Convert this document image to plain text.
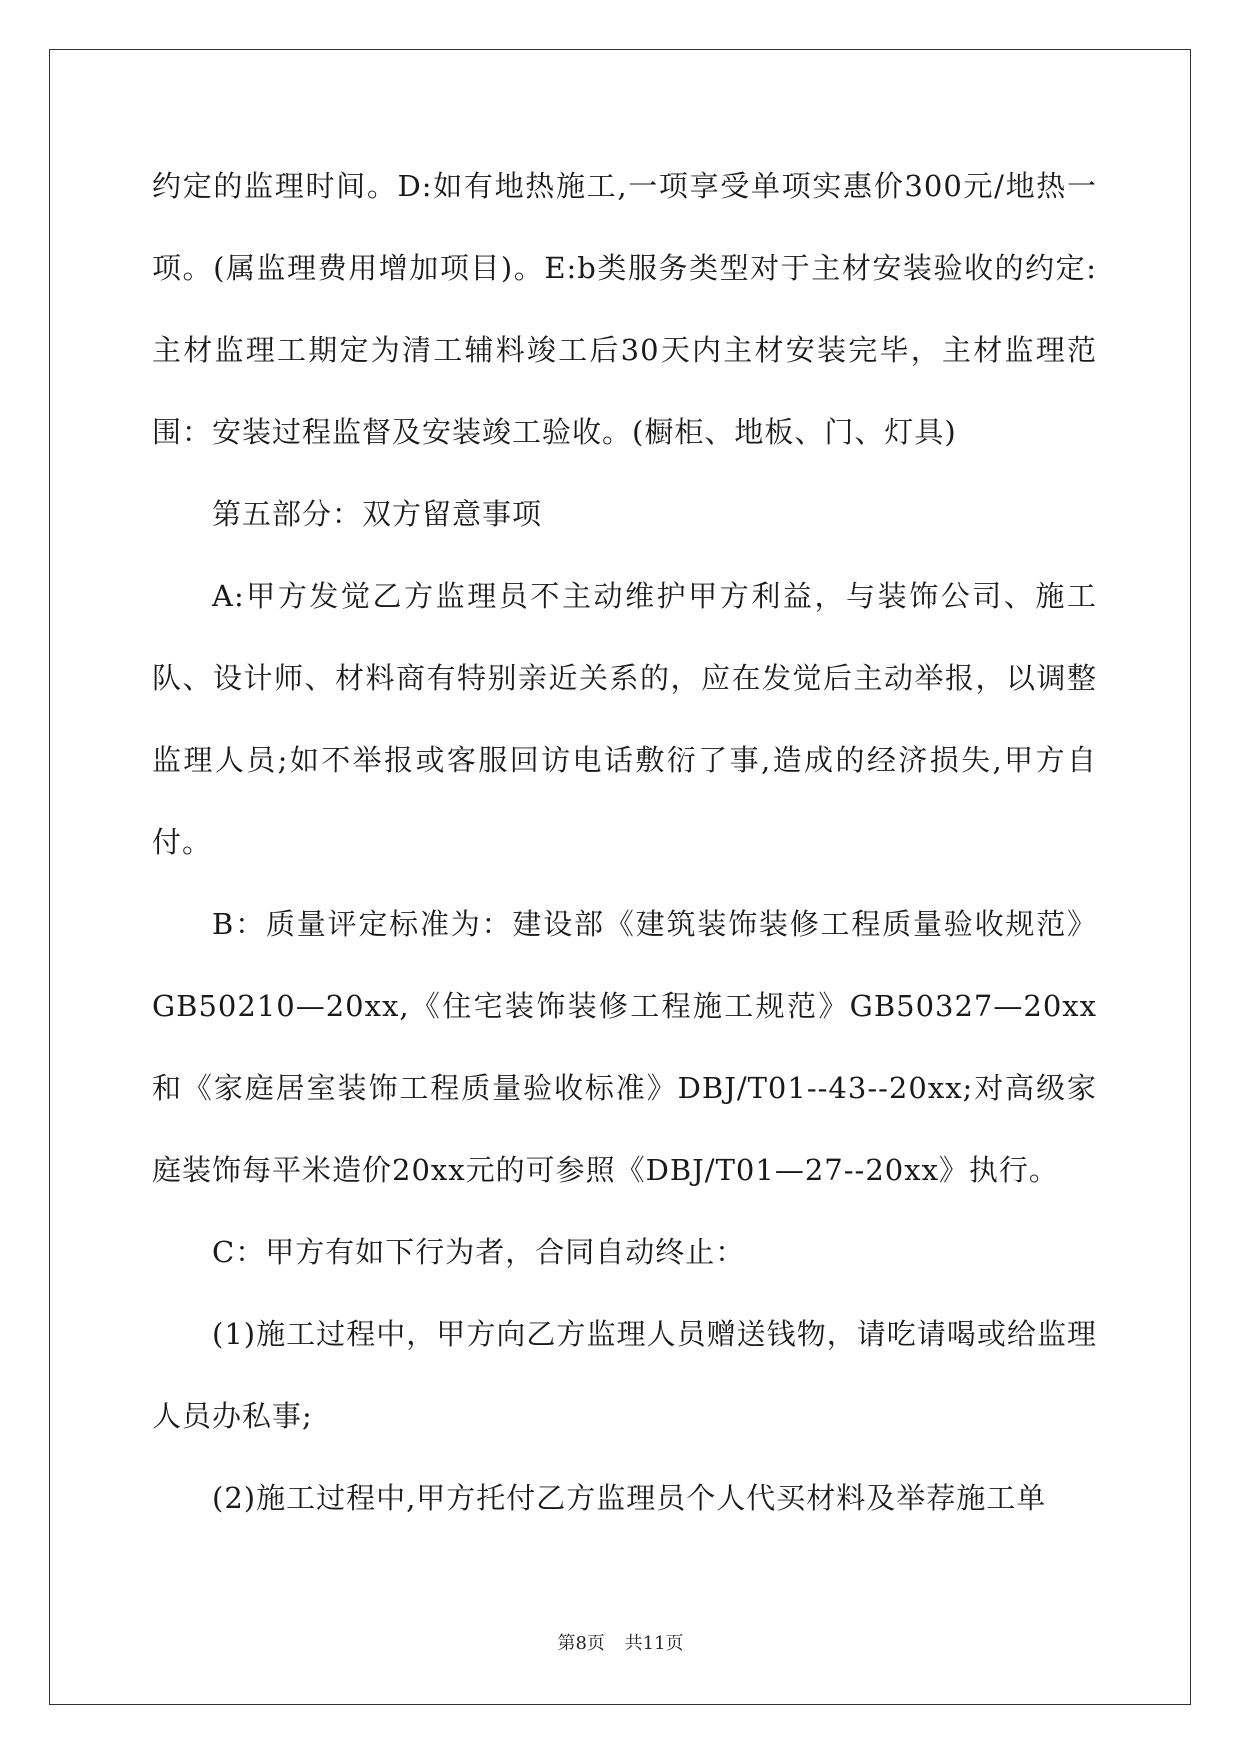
约定的监理时间。D:如有地热施工,一项享受单项实惠价300元/地热一项。(属监理费用增加项目)。E:b类服务类型对于主材安装验收的约定:主材监理工期定为清工辅料竣工后30天内主材安装完毕，主材监理范围：安装过程监督及安装竣工验收。(橱柜、地板、门、灯具)

第五部分：双方留意事项

A:甲方发觉乙方监理员不主动维护甲方利益，与装饰公司、施工队、设计师、材料商有特别亲近关系的，应在发觉后主动举报，以调整监理人员;如不举报或客服回访电话敷衍了事,造成的经济损失,甲方自付。

B：质量评定标准为：建设部《建筑装饰装修工程质量验收规范》GB50210—20xx,《住宅装饰装修工程施工规范》GB50327—20xx和《家庭居室装饰工程质量验收标准》DBJ/T01--43--20xx;对高级家庭装饰每平米造价20xx元的可参照《DBJ/T01—27--20xx》执行。

C：甲方有如下行为者，合同自动终止：

(1)施工过程中，甲方向乙方监理人员赠送钱物，请吃请喝或给监理人员办私事;

(2)施工过程中,甲方托付乙方监理员个人代买材料及举荐施工单

第8页 共11页
